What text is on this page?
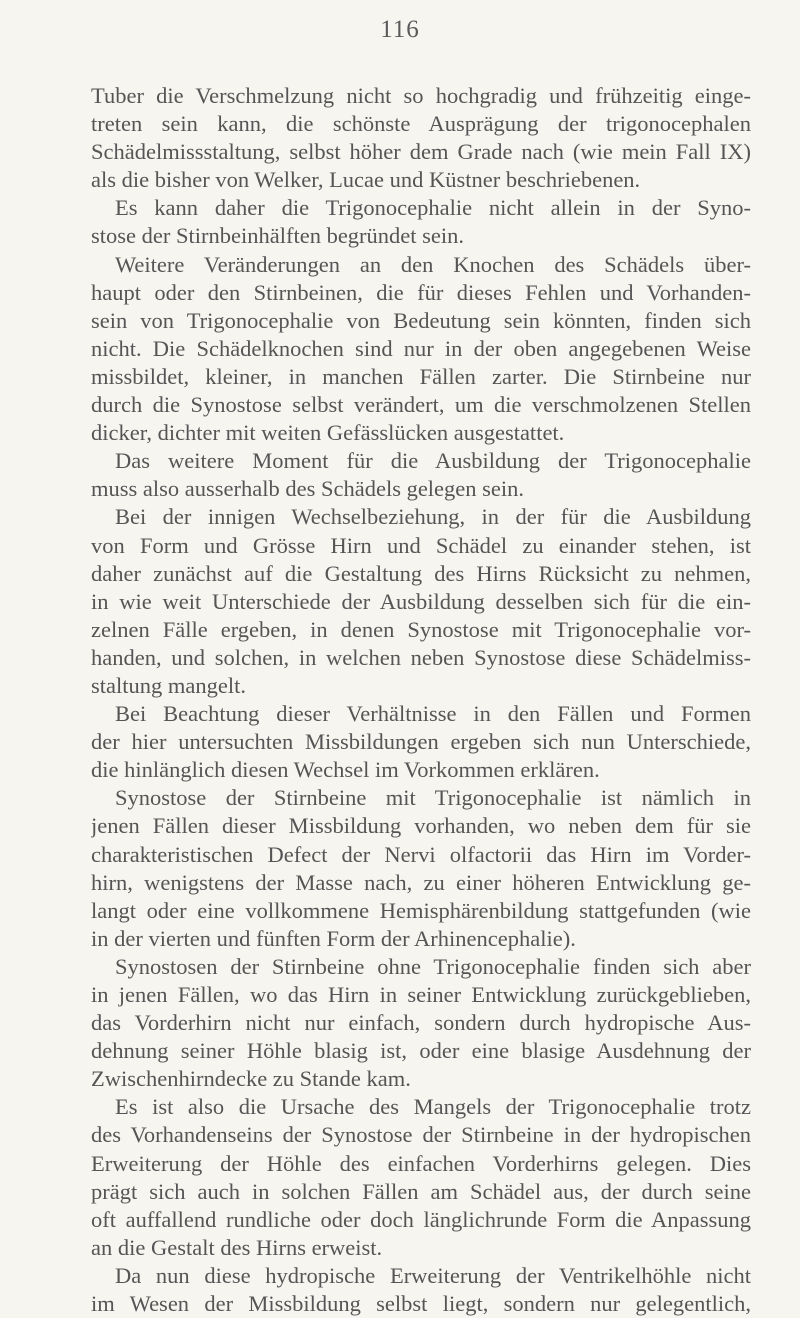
116
Tuber die Verschmelzung nicht so hochgradig und frühzeitig einge-
treten sein kann, die schönste Ausprägung der trigonocephalen
Schädelmissstaltung, selbst höher dem Grade nach (wie mein Fall IX)
als die bisher von Welker, Lucae und Küstner beschriebenen.
Es kann daher die Trigonocephalie nicht allein in der Syno-
stose der Stirnbeinhälften begründet sein.
Weitere Veränderungen an den Knochen des Schädels über-
haupt oder den Stirnbeinen, die für dieses Fehlen und Vorhanden-
sein von Trigonocephalie von Bedeutung sein könnten, finden sich
nicht. Die Schädelknochen sind nur in der oben angegebenen Weise
missbildet, kleiner, in manchen Fällen zarter. Die Stirnbeine nur
durch die Synostose selbst verändert, um die verschmolzenen Stellen
dicker, dichter mit weiten Gefässlücken ausgestattet.
Das weitere Moment für die Ausbildung der Trigonocephalie
muss also ausserhalb des Schädels gelegen sein.
Bei der innigen Wechselbeziehung, in der für die Ausbildung
von Form und Grösse Hirn und Schädel zu einander stehen, ist
daher zunächst auf die Gestaltung des Hirns Rücksicht zu nehmen,
in wie weit Unterschiede der Ausbildung desselben sich für die ein-
zelnen Fälle ergeben, in denen Synostose mit Trigonocephalie vor-
handen, und solchen, in welchen neben Synostose diese Schädelmiss-
staltung mangelt.
Bei Beachtung dieser Verhältnisse in den Fällen und Formen
der hier untersuchten Missbildungen ergeben sich nun Unterschiede,
die hinlänglich diesen Wechsel im Vorkommen erklären.
Synostose der Stirnbeine mit Trigonocephalie ist nämlich in
jenen Fällen dieser Missbildung vorhanden, wo neben dem für sie
charakteristischen Defect der Nervi olfactorii das Hirn im Vorder-
hirn, wenigstens der Masse nach, zu einer höheren Entwicklung ge-
langt oder eine vollkommene Hemisphärenbildung stattgefunden (wie
in der vierten und fünften Form der Arhinencephalie).
Synostosen der Stirnbeine ohne Trigonocephalie finden sich aber
in jenen Fällen, wo das Hirn in seiner Entwicklung zurückgeblieben,
das Vorderhirn nicht nur einfach, sondern durch hydropische Aus-
dehnung seiner Höhle blasig ist, oder eine blasige Ausdehnung der
Zwischenhirndecke zu Stande kam.
Es ist also die Ursache des Mangels der Trigonocephalie trotz
des Vorhandenseins der Synostose der Stirnbeine in der hydropischen
Erweiterung der Höhle des einfachen Vorderhirns gelegen. Dies
prägt sich auch in solchen Fällen am Schädel aus, der durch seine
oft auffallend rundliche oder doch länglichrunde Form die Anpassung
an die Gestalt des Hirns erweist.
Da nun diese hydropische Erweiterung der Ventrikelhöhle nicht
im Wesen der Missbildung selbst liegt, sondern nur gelegentlich,
